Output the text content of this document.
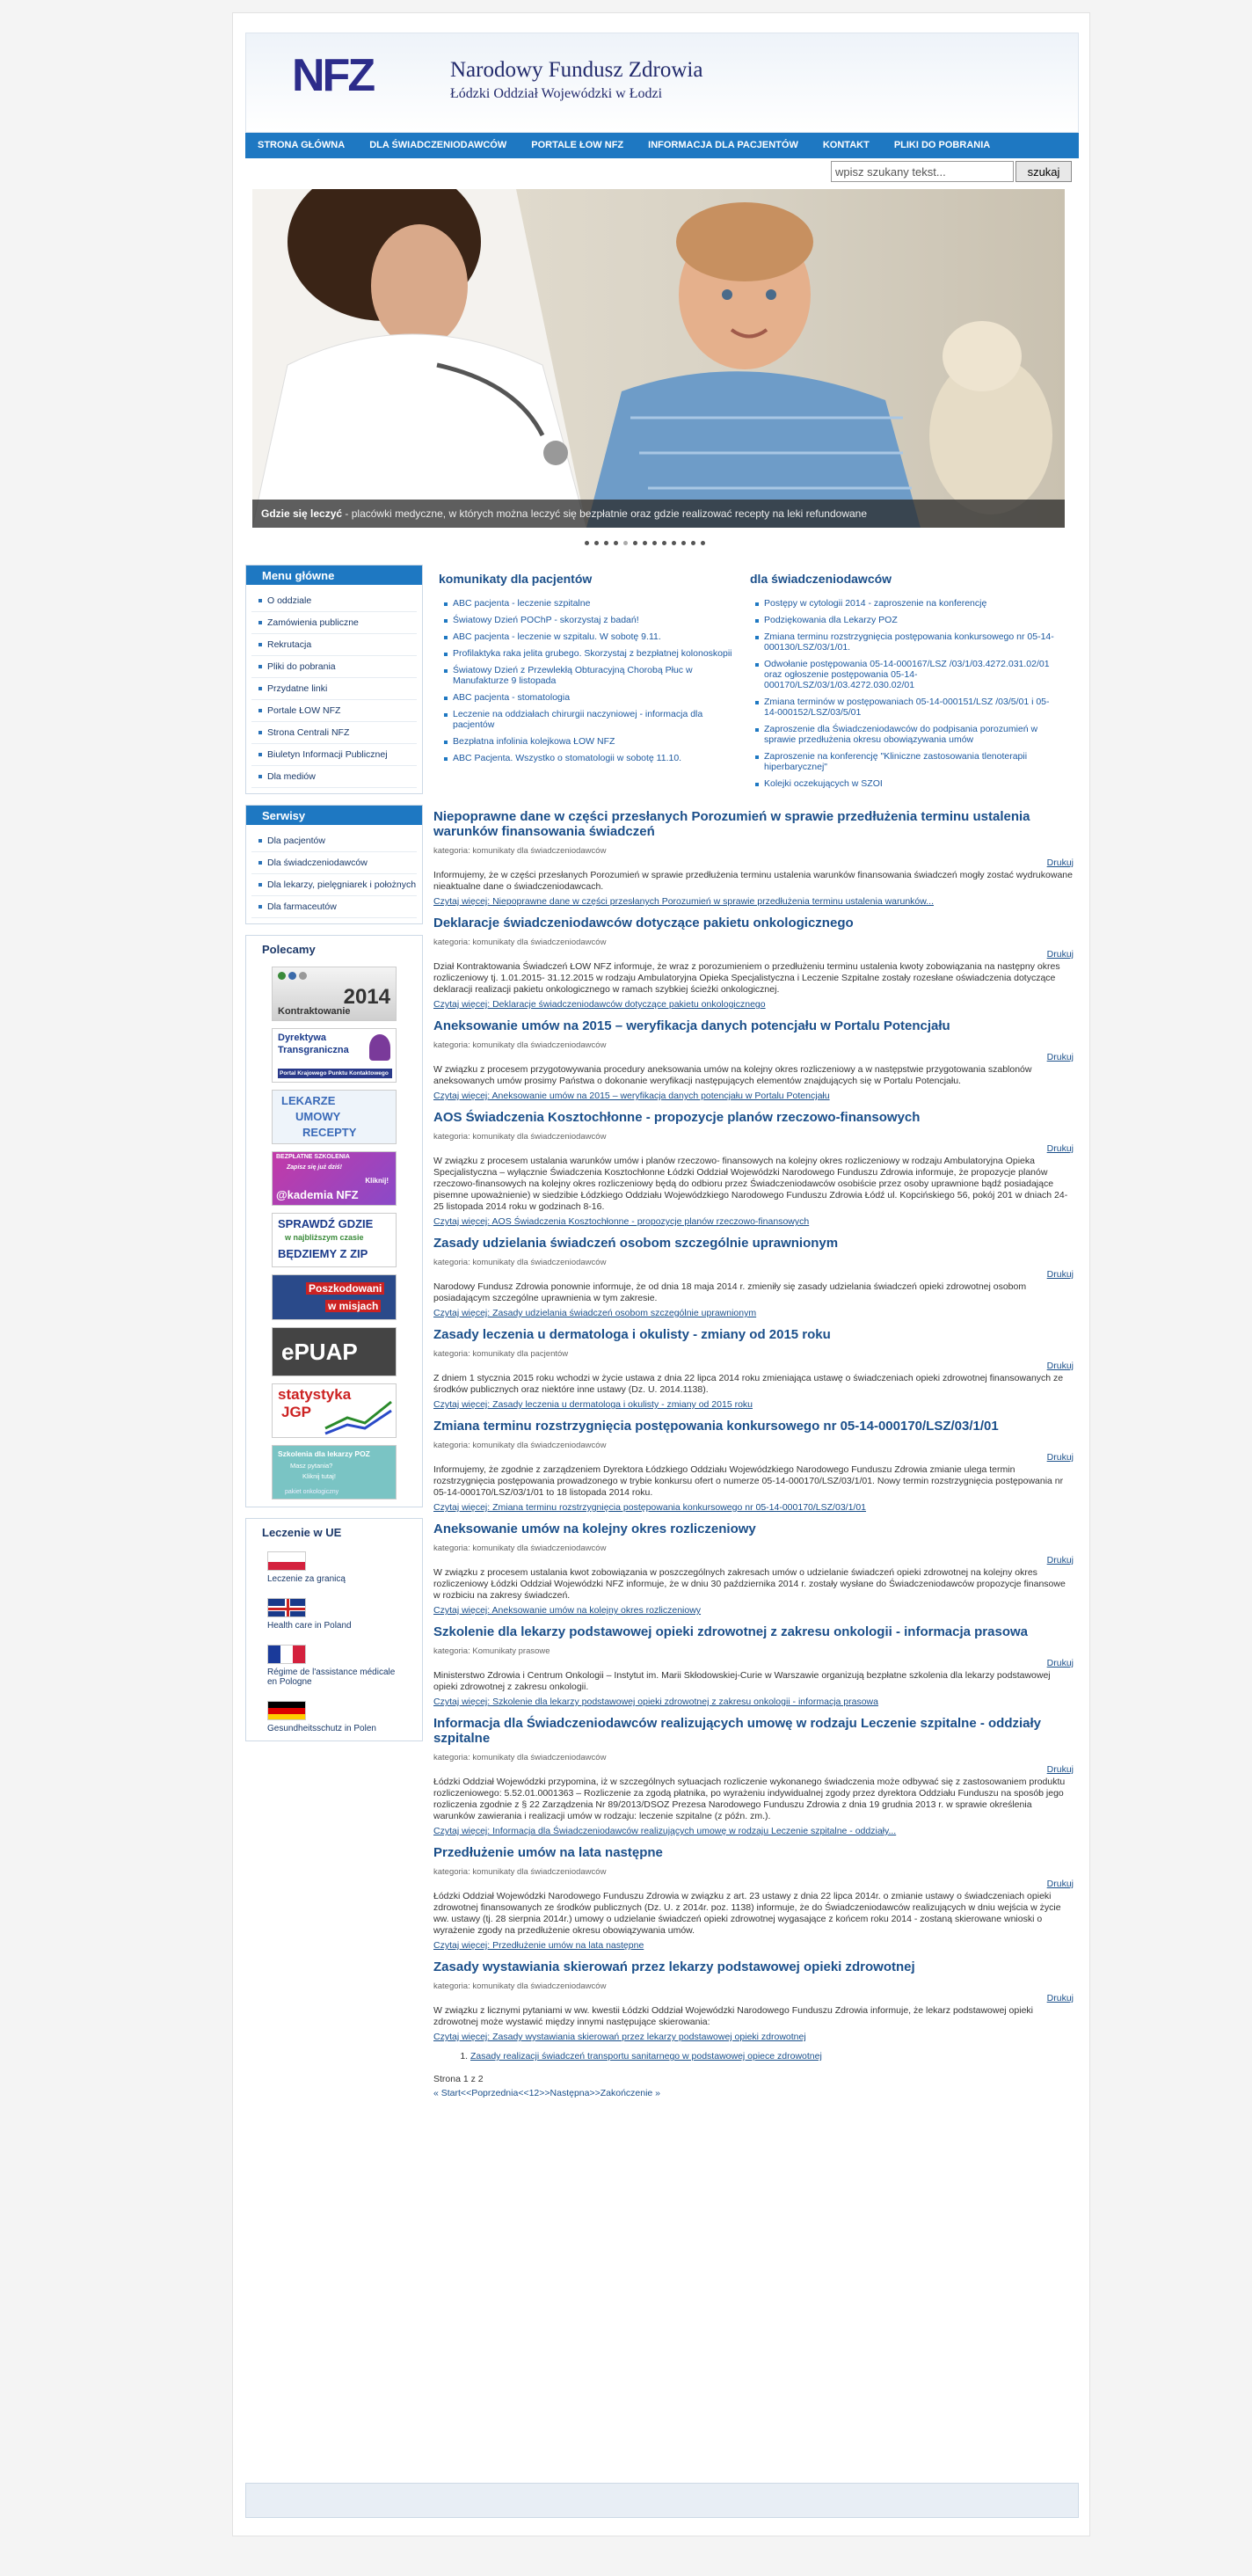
NFZ	Narodowy Fundusz Zdrowia
Łódzki Oddział Wojewódzki w Łodzi
STRONA GŁÓWNA	DLA ŚWIADCZENIODAWCÓW	PORTALE ŁOW NFZ	INFORMACJA DLA PACJENTÓW	KONTAKT	PLIKI DO POBRANIA
wpisz szukany tekst...
szukaj
Gdzie się leczyć - placówki medyczne, w których można leczyć się bezpłatnie oraz gdzie realizować recepty na leki refundowane
Menu główne
O oddziale
Zamówienia publiczne
Rekrutacja
Pliki do pobrania
Przydatne linki
Portale ŁOW NFZ
Strona Centrali NFZ
Biuletyn Informacji Publicznej
Dla mediów
Serwisy
Dla pacjentów
Dla świadczeniodawców
Dla lekarzy, pielęgniarek i położnych
Dla farmaceutów
Polecamy

2014
Kontraktowanie
Dyrektywa
Transgraniczna
Portal Krajowego Punktu Kontaktowego
LEKARZE
UMOWY
RECEPTY
BEZPŁATNE SZKOLENIA
Zapisz się już dziś!
Kliknij!
@kademia NFZ
SPRAWDŹ GDZIE
w najbliższym czasie
BĘDZIEMY Z ZIP
Poszkodowani
w misjach
ePUAP
statystyka
JGP
Szkolenia dla lekarzy POZ
Masz pytania?
Kliknij tutaj!
pakiet onkologiczny
Leczenie w UE
Leczenie za granicą
Health care in Poland
Régime de l'assistance médicale en Pologne
Gesundheitsschutz in Polen
komunikaty dla pacjentów
ABC pacjenta - leczenie szpitalne
Światowy Dzień POChP - skorzystaj z badań!
ABC pacjenta - leczenie w szpitalu. W sobotę 9.11.
Profilaktyka raka jelita grubego. Skorzystaj z bezpłatnej kolonoskopii
Światowy Dzień z Przewlekłą Obturacyjną Chorobą Płuc w Manufakturze 9 listopada
ABC pacjenta - stomatologia
Leczenie na oddziałach chirurgii naczyniowej - informacja dla pacjentów
Bezpłatna infolinia kolejkowa ŁOW NFZ
ABC Pacjenta. Wszystko o stomatologii w sobotę 11.10.
dla świadczeniodawców
Postępy w cytologii 2014 - zaproszenie na konferencję
Podziękowania dla Lekarzy POZ
Zmiana terminu rozstrzygnięcia postępowania konkursowego nr 05-14-000130/LSZ/03/1/01.
Odwołanie postępowania 05-14-000167/LSZ /03/1/03.4272.031.02/01 oraz ogłoszenie postępowania 05-14-000170/LSZ/03/1/03.4272.030.02/01
Zmiana terminów w postępowaniach 05-14-000151/LSZ /03/5/01 i 05-14-000152/LSZ/03/5/01
Zaproszenie dla Świadczeniodawców do podpisania porozumień w sprawie przedłużenia okresu obowiązywania umów
Zaproszenie na konferencję "Kliniczne zastosowania tlenoterapii hiperbarycznej"
Kolejki oczekujących w SZOI
Niepoprawne dane w części przesłanych Porozumień w sprawie przedłużenia terminu ustalenia warunków finansowania świadczeń
kategoria: komunikaty dla świadczeniodawców
Drukuj
Informujemy, że w części przesłanych Porozumień w sprawie przedłużenia terminu ustalenia warunków finansowania świadczeń mogły zostać wydrukowane nieaktualne dane o świadczeniodawcach.
Czytaj więcej: Niepoprawne dane w części przesłanych Porozumień w sprawie przedłużenia terminu ustalenia warunków...
Deklaracje świadczeniodawców dotyczące pakietu onkologicznego
kategoria: komunikaty dla świadczeniodawców
Drukuj
Dział Kontraktowania Świadczeń ŁOW NFZ informuje, że wraz z porozumieniem o przedłużeniu terminu ustalenia kwoty zobowiązania na następny okres rozliczeniowy tj. 1.01.2015- 31.12.2015 w rodzaju Ambulatoryjna Opieka Specjalistyczna i Leczenie Szpitalne zostały rozesłane oświadczenia dotyczące deklaracji realizacji pakietu onkologicznego w ramach szybkiej ścieżki onkologicznej.
Czytaj więcej: Deklaracje świadczeniodawców dotyczące pakietu onkologicznego
Aneksowanie umów na 2015 – weryfikacja danych potencjału w Portalu Potencjału
kategoria: komunikaty dla świadczeniodawców
Drukuj
W związku z procesem przygotowywania procedury aneksowania umów na kolejny okres rozliczeniowy a w następstwie przygotowania szablonów aneksowanych umów prosimy Państwa o dokonanie weryfikacji następujących elementów znajdujących się w Portalu Potencjału.
Czytaj więcej: Aneksowanie umów na 2015 – weryfikacja danych potencjału w Portalu Potencjału
AOS Świadczenia Kosztochłonne - propozycje planów rzeczowo-finansowych
kategoria: komunikaty dla świadczeniodawców
Drukuj
W związku z procesem ustalania warunków umów i planów rzeczowo- finansowych na kolejny okres rozliczeniowy w rodzaju Ambulatoryjna Opieka Specjalistyczna – wyłącznie Świadczenia Kosztochłonne Łódzki Oddział Wojewódzki Narodowego Funduszu Zdrowia informuje, że propozycje planów rzeczowo-finansowych na kolejny okres rozliczeniowy będą do odbioru przez Świadczeniodawców osobiście przez osoby uprawnione bądź posiadające pisemne upoważnienie) w siedzibie Łódzkiego Oddziału Wojewódzkiego Narodowego Funduszu Zdrowia Łódź ul. Kopcińskiego 56, pokój 201 w dniach 24-25 listopada 2014 roku w godzinach 8-16.
Czytaj więcej: AOS Świadczenia Kosztochłonne - propozycje planów rzeczowo-finansowych
Zasady udzielania świadczeń osobom szczególnie uprawnionym
kategoria: komunikaty dla świadczeniodawców
Drukuj
Narodowy Fundusz Zdrowia ponownie informuje, że od dnia 18 maja 2014 r. zmieniły się zasady udzielania świadczeń opieki zdrowotnej osobom posiadającym szczególne uprawnienia w tym zakresie.
Czytaj więcej: Zasady udzielania świadczeń osobom szczególnie uprawnionym
Zasady leczenia u dermatologa i okulisty - zmiany od 2015 roku
kategoria: komunikaty dla pacjentów
Drukuj
Z dniem 1 stycznia 2015 roku wchodzi w życie ustawa z dnia 22 lipca 2014 roku zmieniająca ustawę o świadczeniach opieki zdrowotnej finansowanych ze środków publicznych oraz niektóre inne ustawy (Dz. U. 2014.1138).
Czytaj więcej: Zasady leczenia u dermatologa i okulisty - zmiany od 2015 roku
Zmiana terminu rozstrzygnięcia postępowania konkursowego nr 05-14-000170/LSZ/03/1/01
kategoria: komunikaty dla świadczeniodawców
Drukuj
Informujemy, że zgodnie z zarządzeniem Dyrektora Łódzkiego Oddziału Wojewódzkiego Narodowego Funduszu Zdrowia zmianie ulega termin rozstrzygnięcia postępowania prowadzonego w trybie konkursu ofert o numerze 05-14-000170/LSZ/03/1/01. Nowy termin rozstrzygnięcia postępowania nr 05-14-000170/LSZ/03/1/01 to 18 listopada 2014 roku.
Czytaj więcej: Zmiana terminu rozstrzygnięcia postępowania konkursowego nr 05-14-000170/LSZ/03/1/01
Aneksowanie umów na kolejny okres rozliczeniowy
kategoria: komunikaty dla świadczeniodawców
Drukuj
W związku z procesem ustalania kwot zobowiązania w poszczególnych zakresach umów o udzielanie świadczeń opieki zdrowotnej na kolejny okres rozliczeniowy Łódzki Oddział Wojewódzki NFZ informuje, że w dniu 30 października 2014 r. zostały wysłane do Świadczeniodawców propozycje finansowe w rozbiciu na zakresy świadczeń.
Czytaj więcej: Aneksowanie umów na kolejny okres rozliczeniowy
Szkolenie dla lekarzy podstawowej opieki zdrowotnej z zakresu onkologii - informacja prasowa
kategoria: Komunikaty prasowe
Drukuj
Ministerstwo Zdrowia i Centrum Onkologii – Instytut im. Marii Skłodowskiej-Curie w Warszawie organizują bezpłatne szkolenia dla lekarzy podstawowej opieki zdrowotnej z zakresu onkologii.
Czytaj więcej: Szkolenie dla lekarzy podstawowej opieki zdrowotnej z zakresu onkologii - informacja prasowa
Informacja dla Świadczeniodawców realizujących umowę w rodzaju Leczenie szpitalne - oddziały szpitalne
kategoria: komunikaty dla świadczeniodawców
Drukuj
Łódzki Oddział Wojewódzki przypomina, iż w szczególnych sytuacjach rozliczenie wykonanego świadczenia może odbywać się z zastosowaniem produktu rozliczeniowego: 5.52.01.0001363 – Rozliczenie za zgodą płatnika, po wyrażeniu indywidualnej zgody przez dyrektora Oddziału Funduszu na sposób jego rozliczenia zgodnie z § 22 Zarządzenia Nr 89/2013/DSOZ Prezesa Narodowego Funduszu Zdrowia z dnia 19 grudnia 2013 r. w sprawie określenia warunków zawierania i realizacji umów w rodzaju: leczenie szpitalne (z późn. zm.).
Czytaj więcej: Informacja dla Świadczeniodawców realizujących umowę w rodzaju Leczenie szpitalne - oddziały...
Przedłużenie umów na lata następne
kategoria: komunikaty dla świadczeniodawców
Drukuj
Łódzki Oddział Wojewódzki Narodowego Funduszu Zdrowia w związku z art. 23 ustawy z dnia 22 lipca 2014r. o zmianie ustawy o świadczeniach opieki zdrowotnej finansowanych ze środków publicznych (Dz. U. z 2014r. poz. 1138) informuje, że do Świadczeniodawców realizujących w dniu wejścia w życie ww. ustawy (tj. 28 sierpnia 2014r.) umowy o udzielanie świadczeń opieki zdrowotnej wygasające z końcem roku 2014 - zostaną skierowane wnioski o wyrażenie zgody na przedłużenie okresu obowiązywania umów.
Czytaj więcej: Przedłużenie umów na lata następne
Zasady wystawiania skierowań przez lekarzy podstawowej opieki zdrowotnej
kategoria: komunikaty dla świadczeniodawców
Drukuj
W związku z licznymi pytaniami w ww. kwestii Łódzki Oddział Wojewódzki Narodowego Funduszu Zdrowia informuje, że lekarz podstawowej opieki zdrowotnej może wystawić między innymi następujące skierowania:
Czytaj więcej: Zasady wystawiania skierowań przez lekarzy podstawowej opieki zdrowotnej
1. Zasady realizacji świadczeń transportu sanitarnego w podstawowej opiece zdrowotnej
Strona 1 z 2
« Start<<Poprzednia<<12>>Następna>>Zakończenie »
